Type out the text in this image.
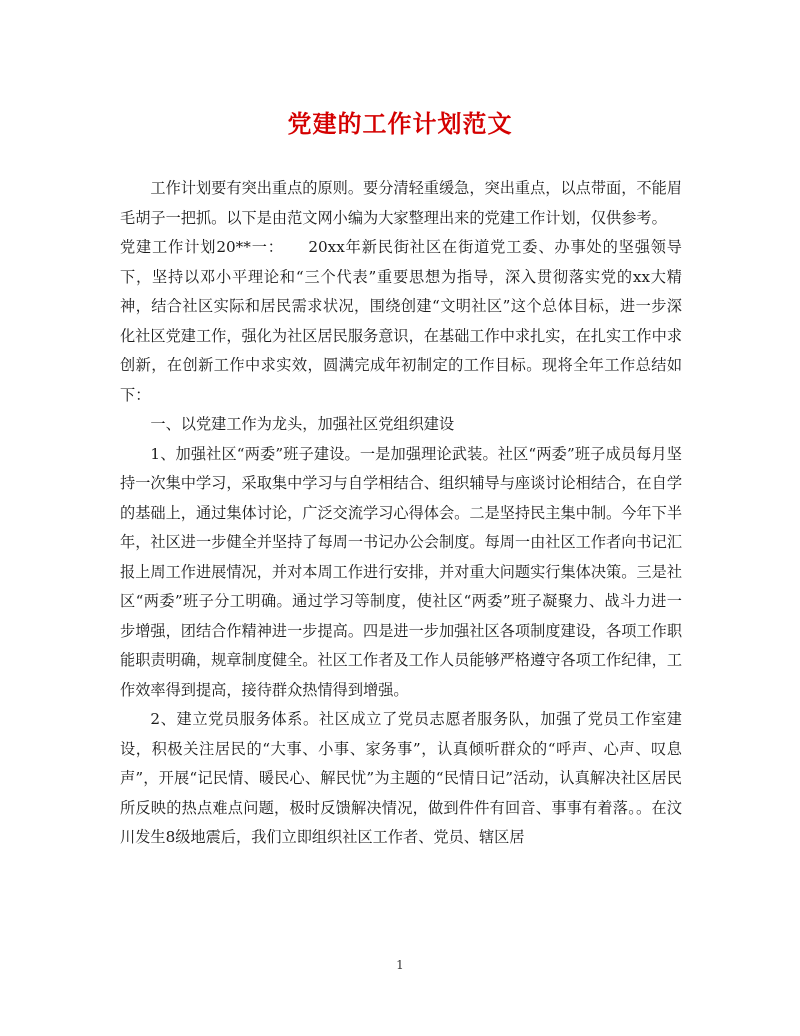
党建的工作计划范文

工作计划要有突出重点的原则。要分清轻重缓急，突出重点，以点带面，不能眉毛胡子一把抓。以下是由范文网小编为大家整理出来的党建工作计划，仅供参考。

党建工作计划20**一：　　20xx年新民街社区在街道党工委、办事处的坚强领导下，坚持以邓小平理论和“三个代表”重要思想为指导，深入贯彻落实党的xx大精神，结合社区实际和居民需求状况，围绕创建“文明社区”这个总体目标，进一步深化社区党建工作，强化为社区居民服务意识，在基础工作中求扎实，在扎实工作中求创新，在创新工作中求实效，圆满完成年初制定的工作目标。现将全年工作总结如下：

一、以党建工作为龙头，加强社区党组织建设

1、加强社区“两委”班子建设。一是加强理论武装。社区“两委”班子成员每月坚持一次集中学习，采取集中学习与自学相结合、组织辅导与座谈讨论相结合，在自学的基础上，通过集体讨论，广泛交流学习心得体会。二是坚持民主集中制。今年下半年，社区进一步健全并坚持了每周一书记办公会制度。每周一由社区工作者向书记汇报上周工作进展情况，并对本周工作进行安排，并对重大问题实行集体决策。三是社区“两委”班子分工明确。通过学习等制度，使社区“两委”班子凝聚力、战斗力进一步增强，团结合作精神进一步提高。四是进一步加强社区各项制度建设，各项工作职能职责明确，规章制度健全。社区工作者及工作人员能够严格遵守各项工作纪律，工作效率得到提高，接待群众热情得到增强。

2、建立党员服务体系。社区成立了党员志愿者服务队，加强了党员工作室建设，积极关注居民的“大事、小事、家务事”，认真倾听群众的“呼声、心声、叹息声”，开展“记民情、暖民心、解民忧”为主题的“民情日记”活动，认真解决社区居民所反映的热点难点问题，极时反馈解决情况，做到件件有回音、事事有着落。。在汶川发生8级地震后，我们立即组织社区工作者、党员、辖区居

1
